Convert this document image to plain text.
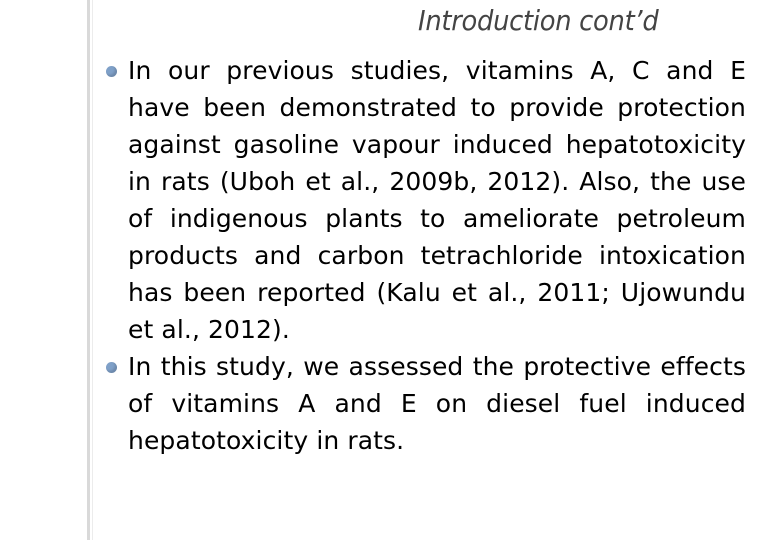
Introduction cont’d
In our previous studies, vitamins A, C and E have been demonstrated to provide protection against gasoline vapour induced hepatotoxicity in rats (Uboh et al., 2009b, 2012). Also, the use of indigenous plants to ameliorate petroleum products and carbon tetrachloride intoxication has been reported (Kalu et al., 2011; Ujowundu et al., 2012).
In this study, we assessed the protective effects of vitamins A and E on diesel fuel induced hepatotoxicity in rats.
